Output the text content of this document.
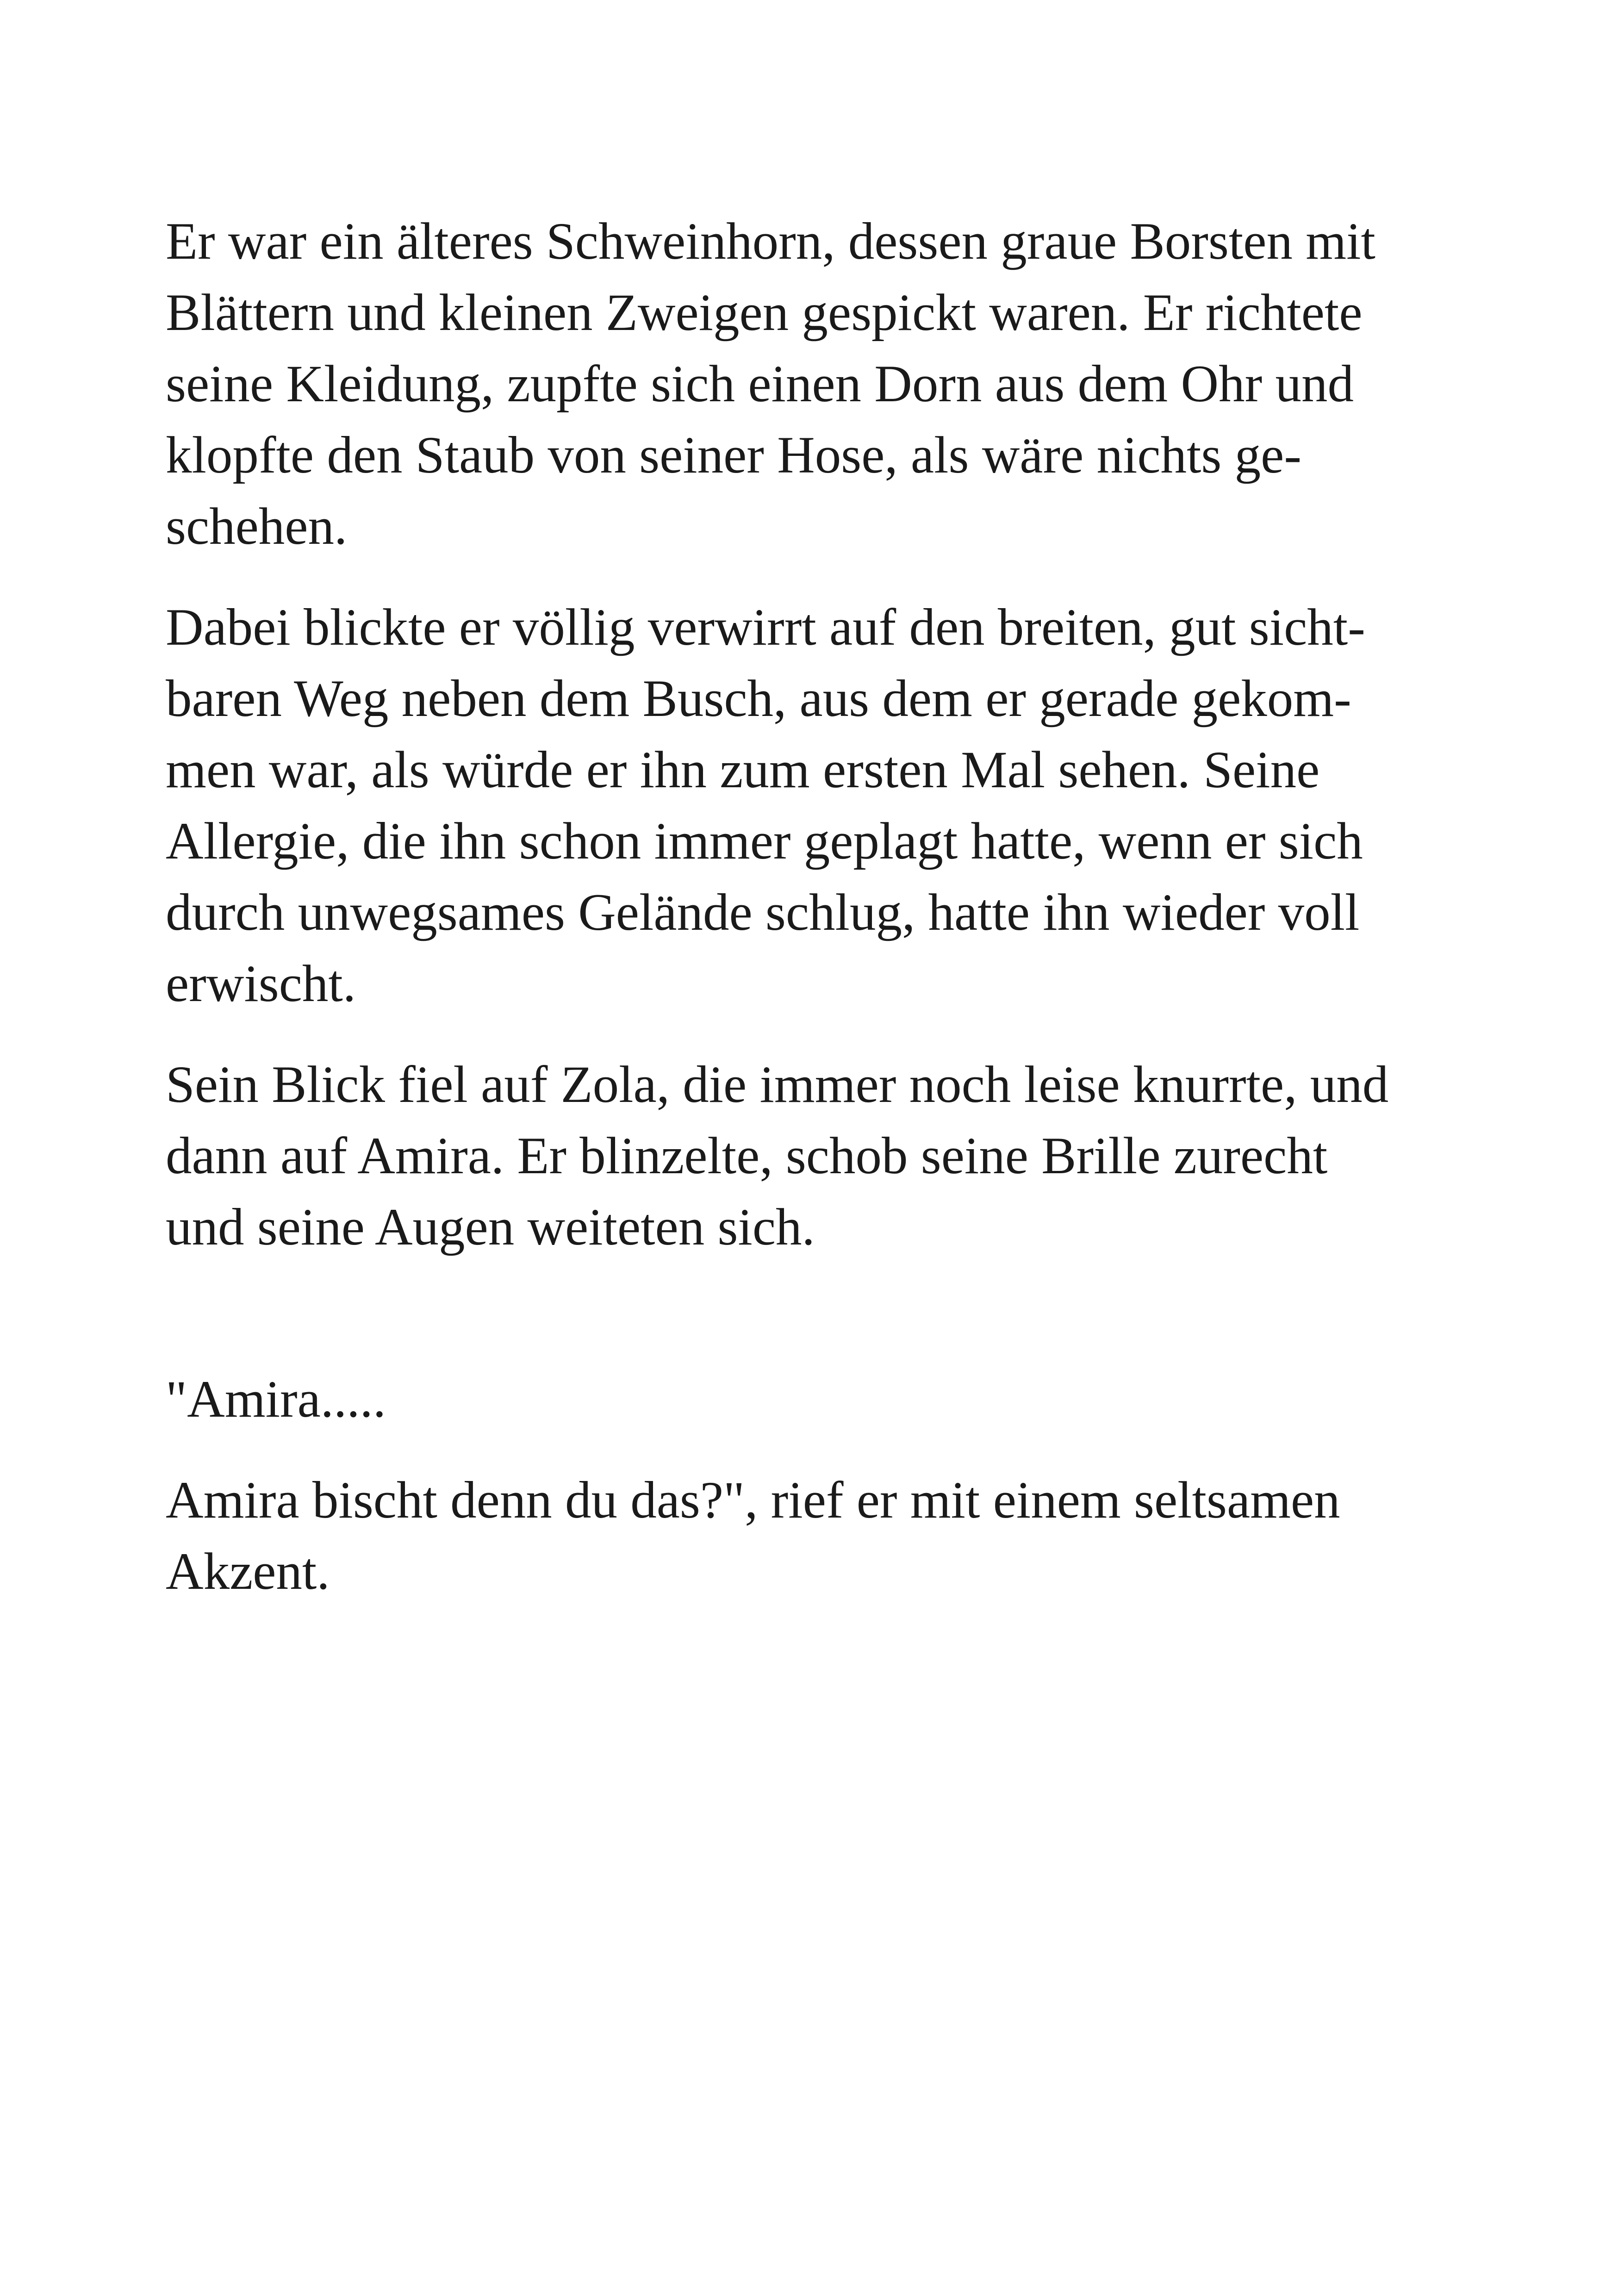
Er war ein älteres Schweinhorn, dessen graue Borsten mit
Blättern und kleinen Zweigen gespickt waren. Er richtete
seine Kleidung, zupfte sich einen Dorn aus dem Ohr und
klopfte den Staub von seiner Hose, als wäre nichts ge-
schehen.

Dabei blickte er völlig verwirrt auf den breiten, gut sicht-
baren Weg neben dem Busch, aus dem er gerade gekom-
men war, als würde er ihn zum ersten Mal sehen. Seine
Allergie, die ihn schon immer geplagt hatte, wenn er sich
durch unwegsames Gelände schlug, hatte ihn wieder voll
erwischt.

Sein Blick fiel auf Zola, die immer noch leise knurrte, und
dann auf Amira. Er blinzelte, schob seine Brille zurecht
und seine Augen weiteten sich.

"Amira.....

Amira bischt denn du das?", rief er mit einem seltsamen
Akzent.
